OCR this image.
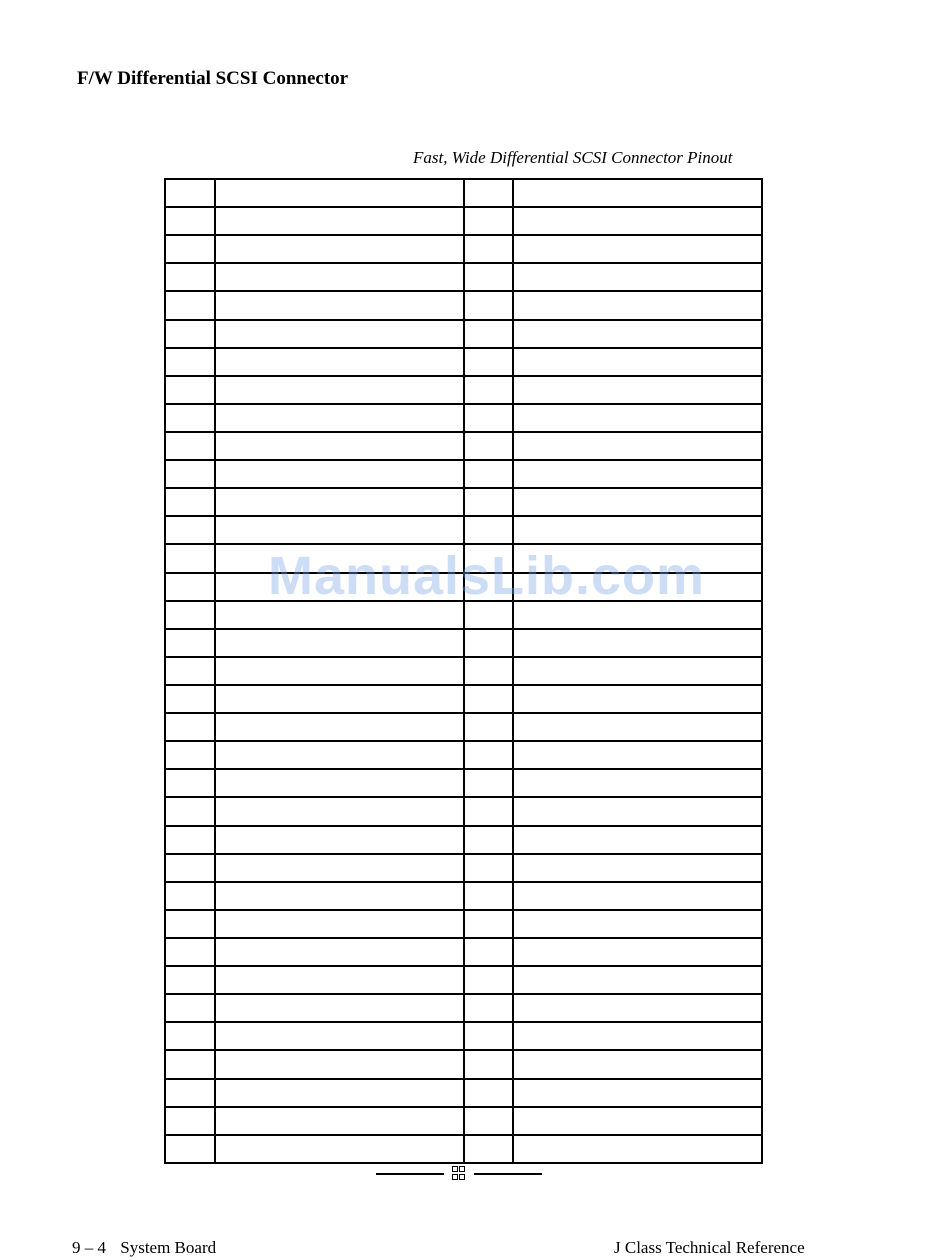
F/W Differential SCSI Connector
Fast, Wide Differential SCSI Connector Pinout

ManualsLib.com
9 – 4 System Board	J Class Technical Reference
